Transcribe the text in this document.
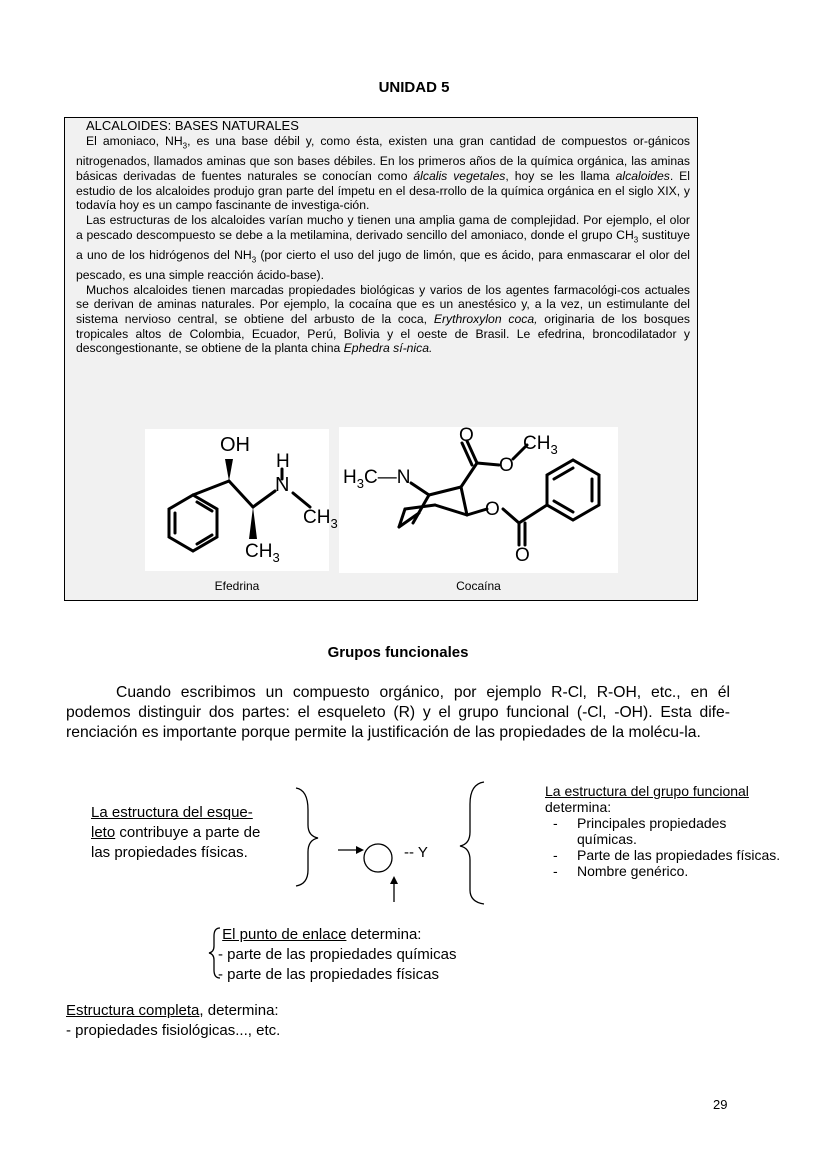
UNIDAD 5
ALCALOIDES: BASES NATURALES

El amoniaco, $NH_3$, es una base débil y, como ésta, existen una gran cantidad de compuestos or-gánicos nitrogenados, llamados aminas que son bases débiles. En los primeros años de la química orgánica, las aminas básicas derivadas de fuentes naturales se conocían como álcalis vegetales, hoy se les llama alcaloides. El estudio de los alcaloides produjo gran parte del ímpetu en el desa-rrollo de la química orgánica en el siglo XIX, y todavía hoy es un campo fascinante de investiga-ción.

Las estructuras de los alcaloides varían mucho y tienen una amplia gama de complejidad. Por ejemplo, el olor a pescado descompuesto se debe a la metilamina, derivado sencillo del amoniaco, donde el grupo $CH_3$ sustituye a uno de los hidrógenos del $NH_3$ (por cierto el uso del jugo de limón, que es ácido, para enmascarar el olor del pescado, es una simple reacción ácido-base).

Muchos alcaloides tienen marcadas propiedades biológicas y varios de los agentes farmacológi-cos actuales se derivan de aminas naturales. Por ejemplo, la cocaína que es un anestésico y, a la vez, un estimulante del sistema nervioso central, se obtiene del arbusto de la coca, Erythroxylon coca, originaria de los bosques tropicales altos de Colombia, Ecuador, Perú, Bolivia y el oeste de Brasil. Le efedrina, broncodilatador y descongestionante, se obtiene de la planta china Ephedra sí-nica.

OH
H
N
$CH_3$
$CH_3$
O
O
$CH_3$
O
O
$H_3C—N$
Efedrina	Cocaína
Grupos funcionales

Cuando escribimos un compuesto orgánico, por ejemplo R-Cl, R-OH, etc., en él podemos distinguir dos partes: el esqueleto (R) y el grupo funcional (-Cl, -OH). Esta dife-renciación es importante porque permite la justificación de las propiedades de la molécu-la.

La estructura del esque-
leto contribuye a parte de
las propiedades físicas.	-- Y
La estructura del grupo funcional
determina:
- Principales propiedades químicas.
- Parte de las propiedades físicas.
- Nombre genérico.
El punto de enlace determina:
- parte de las propiedades químicas
- parte de las propiedades físicas
Estructura completa, determina:
- propiedades fisiológicas..., etc.
29
